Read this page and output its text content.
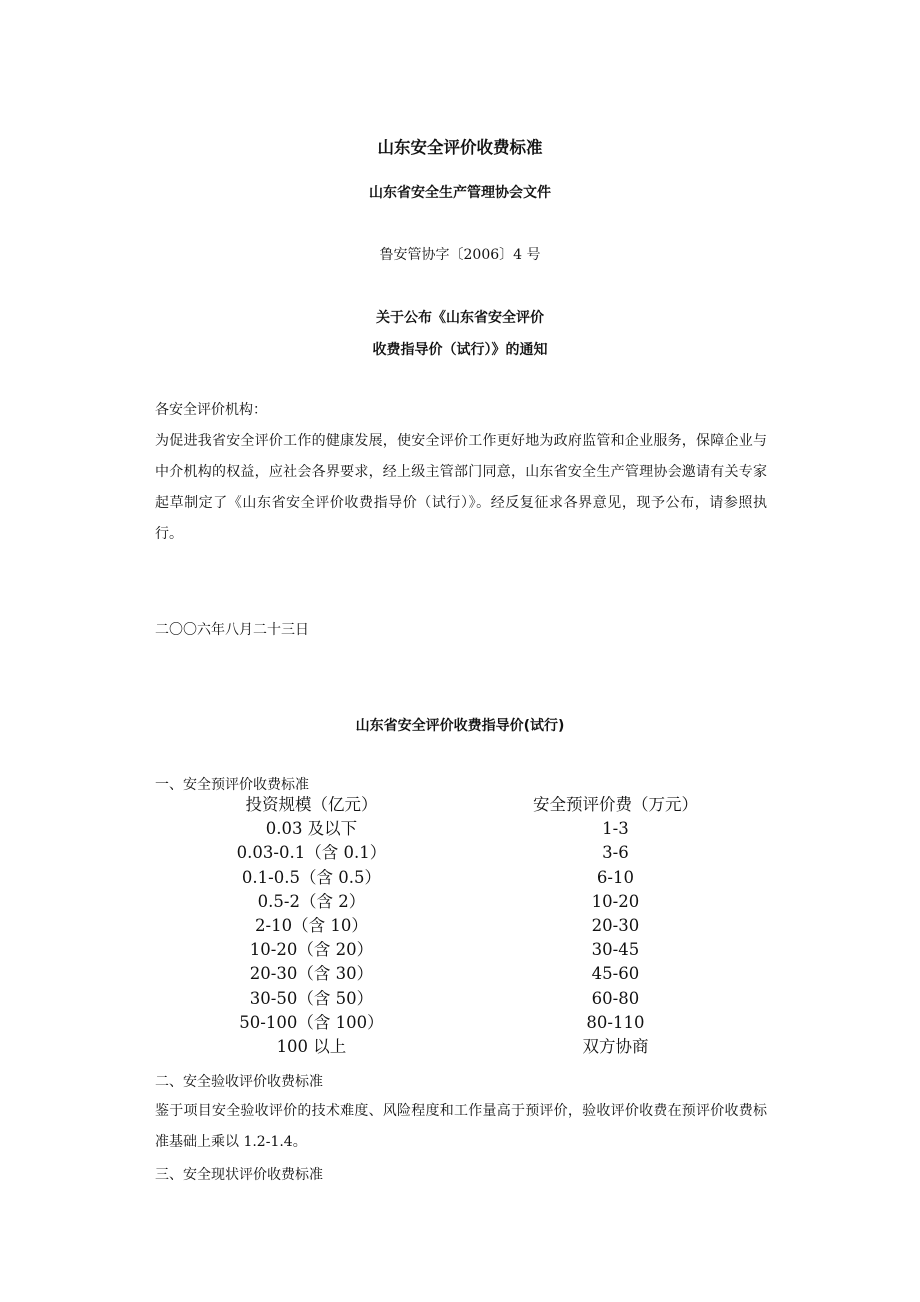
山东安全评价收费标准
山东省安全生产管理协会文件
鲁安管协字〔2006〕4 号
关于公布《山东省安全评价
收费指导价（试行）》的通知
各安全评价机构：
为促进我省安全评价工作的健康发展，使安全评价工作更好地为政府监管和企业服务，保障企业与中介机构的权益，应社会各界要求，经上级主管部门同意，山东省安全生产管理协会邀请有关专家起草制定了《山东省安全评价收费指导价（试行）》。经反复征求各界意见，现予公布，请参照执行。
二〇〇六年八月二十三日
山东省安全评价收费指导价(试行)
一、安全预评价收费标准
投资规模（亿元）	安全预评价费（万元）
0.03 及以下	1-3
0.03-0.1（含 0.1）	3-6
0.1-0.5（含 0.5）	6-10
0.5-2（含 2）	10-20
2-10（含 10）	20-30
10-20（含 20）	30-45
20-30（含 30）	45-60
30-50（含 50）	60-80
50-100（含 100）	80-110
100 以上	双方协商
二、安全验收评价收费标准
鉴于项目安全验收评价的技术难度、风险程度和工作量高于预评价，验收评价收费在预评价收费标准基础上乘以 1.2-1.4。
三、安全现状评价收费标准
